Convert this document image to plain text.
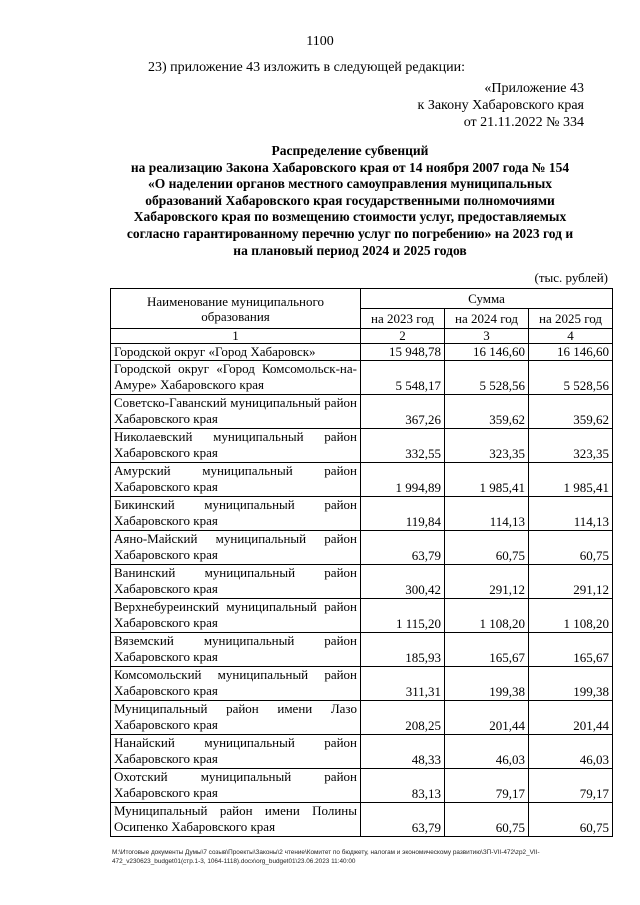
1100
23) приложение 43 изложить в следующей редакции:
«Приложение 43
к Закону Хабаровского края
от 21.11.2022 № 334
Распределение субвенций
на реализацию Закона Хабаровского края от 14 ноября 2007 года № 154
«О наделении органов местного самоуправления муниципальных
образований Хабаровского края государственными полномочиями
Хабаровского края по возмещению стоимости услуг, предоставляемых
согласно гарантированному перечню услуг по погребению» на 2023 год и
на плановый период 2024 и 2025 годов
(тыс. рублей)
Наименование муниципального образования	Сумма		
	на 2023 год	на 2024 год	на 2025 год
1	2	3	4
Городской округ «Город Хабаровск»	15 948,78	16 146,60	16 146,60
Городской округ «Город Комсомольск-на-Амуре» Хабаровского края	5 548,17	5 528,56	5 528,56
Советско-Гаванский муниципальный район Хабаровского края	367,26	359,62	359,62
Николаевский муниципальный район Хабаровского края	332,55	323,35	323,35
Амурский муниципальный район Хабаровского края	1 994,89	1 985,41	1 985,41
Бикинский муниципальный район Хабаровского края	119,84	114,13	114,13
Аяно-Майский муниципальный район Хабаровского края	63,79	60,75	60,75
Ванинский муниципальный район Хабаровского края	300,42	291,12	291,12
Верхнебуреинский муниципальный район Хабаровского края	1 115,20	1 108,20	1 108,20
Вяземский муниципальный район Хабаровского края	185,93	165,67	165,67
Комсомольский муниципальный район Хабаровского края	311,31	199,38	199,38
Муниципальный район имени Лазо Хабаровского края	208,25	201,44	201,44
Нанайский муниципальный район Хабаровского края	48,33	46,03	46,03
Охотский муниципальный район Хабаровского края	83,13	79,17	79,17
Муниципальный район имени Полины Осипенко Хабаровского края	63,79	60,75	60,75
М:\Итоговые документы Думы\7 созыв\Проекты\Законы\2 чтение\Комитет по бюджету, налогам и экономическому развитию\ЗП-VII-472\zp2_VII-472_v230623_budget01(стр.1-3, 1064-1118).docx\org_budget01\23.06.2023 11:40:00
